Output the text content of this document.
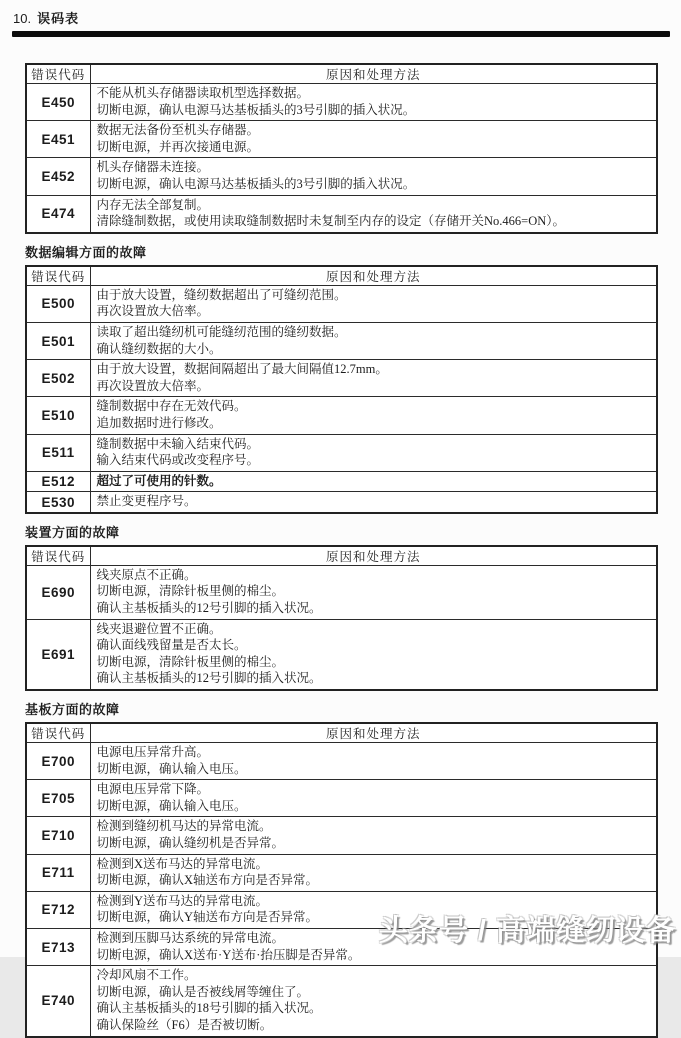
10. 误码表
错误代码	原因和处理方法
E450	不能从机头存储器读取机型选择数据。
切断电源，确认电源马达基板插头的3号引脚的插入状况。

E451	数据无法备份至机头存储器。
切断电源，并再次接通电源。

E452	机头存储器未连接。
切断电源，确认电源马达基板插头的3号引脚的插入状况。

E474	内存无法全部复制。
清除缝制数据，或使用读取缝制数据时未复制至内存的设定（存储开关No.466=ON）。
数据编辑方面的故障
错误代码	原因和处理方法
E500	由于放大设置，缝纫数据超出了可缝纫范围。
再次设置放大倍率。

E501	读取了超出缝纫机可能缝纫范围的缝纫数据。
确认缝纫数据的大小。

E502	由于放大设置，数据间隔超出了最大间隔值12.7mm。
再次设置放大倍率。

E510	缝制数据中存在无效代码。
追加数据时进行修改。

E511	缝制数据中未输入结束代码。
输入结束代码或改变程序号。

E512	超过了可使用的针数。

E530	禁止变更程序号。
装置方面的故障
错误代码	原因和处理方法
E690	线夹原点不正确。
切断电源，清除针板里侧的棉尘。
确认主基板插头的12号引脚的插入状况。

E691	线夹退避位置不正确。
确认面线残留量是否太长。
切断电源，清除针板里侧的棉尘。
确认主基板插头的12号引脚的插入状况。
基板方面的故障
错误代码	原因和处理方法
E700	电源电压异常升高。
切断电源，确认输入电压。

E705	电源电压异常下降。
切断电源，确认输入电压。

E710	检测到缝纫机马达的异常电流。
切断电源，确认缝纫机是否异常。

E711	检测到X送布马达的异常电流。
切断电源，确认X轴送布方向是否异常。

E712	检测到Y送布马达的异常电流。
切断电源，确认Y轴送布方向是否异常。

E713	检测到压脚马达系统的异常电流。
切断电源，确认X送布·Y送布·抬压脚是否异常。

E740	冷却风扇不工作。
切断电源，确认是否被线屑等缠住了。
确认主基板插头的18号引脚的插入状况。
确认保险丝（F6）是否被切断。
头条号 / 高端缝纫设备
